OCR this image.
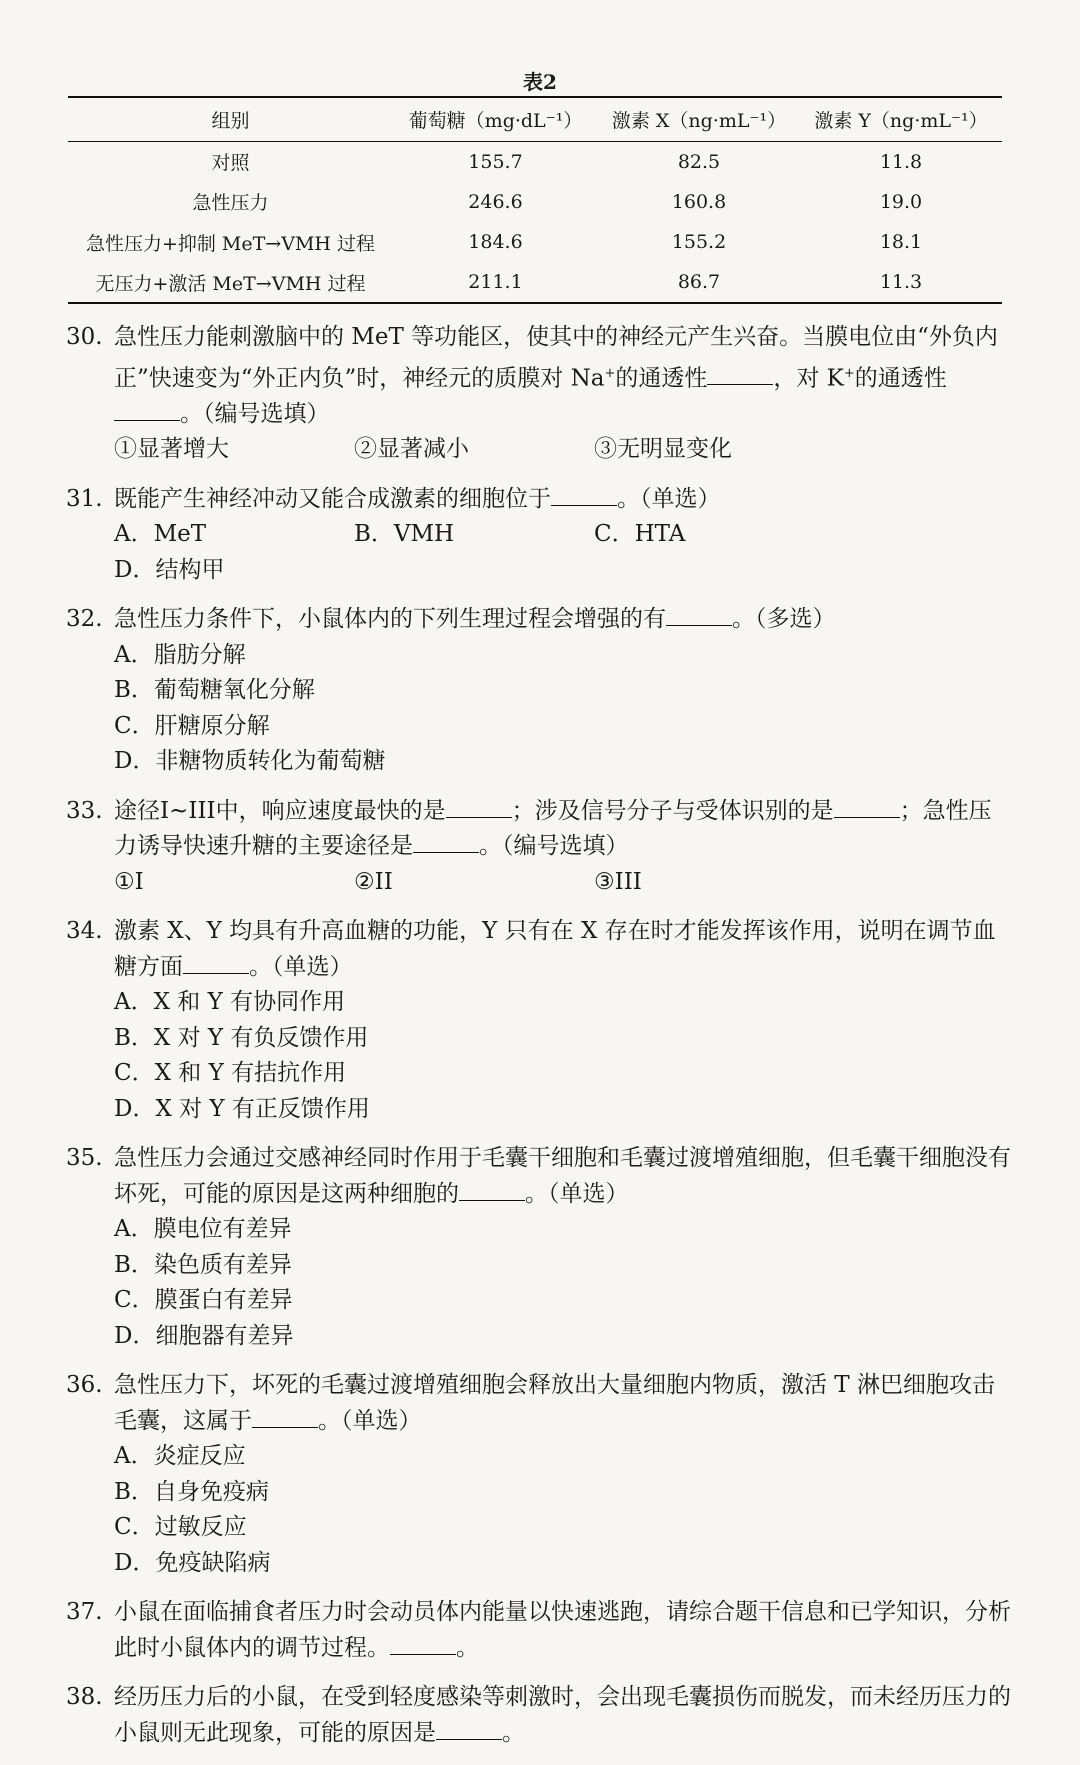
表2
组别	葡萄糖（mg·dL⁻¹）	激素 X（ng·mL⁻¹）	激素 Y（ng·mL⁻¹）
对照	155.7	82.5	11.8
急性压力	246.6	160.8	19.0
急性压力+抑制 MeT→VMH 过程	184.6	155.2	18.1
无压力+激活 MeT→VMH 过程	211.1	86.7	11.3
30. 急性压力能刺激脑中的 MeT 等功能区，使其中的神经元产生兴奋。当膜电位由“外负内正”快速变为“外正内负”时，神经元的质膜对 Na+的通透性	，对 K+的通透性。（编号选填）
①显著增大	②显著减小	③无明显变化
31. 既能产生神经冲动又能合成激素的细胞位于	。（单选）
A．MeT	B．VMH	C．HTA
D．结构甲
32. 急性压力条件下，小鼠体内的下列生理过程会增强的有	。（多选）
A．脂肪分解
B．葡萄糖氧化分解
C．肝糖原分解
D．非糖物质转化为葡萄糖
33. 途径I~III中，响应速度最快的是	；涉及信号分子与受体识别的是	；急性压力诱导快速升糖的主要途径是	。（编号选填）
①I	②II	③III
34. 激素 X、Y 均具有升高血糖的功能，Y 只有在 X 存在时才能发挥该作用，说明在调节血糖方面	。（单选）
A．X 和 Y 有协同作用
B．X 对 Y 有负反馈作用
C．X 和 Y 有拮抗作用
D．X 对 Y 有正反馈作用
35. 急性压力会通过交感神经同时作用于毛囊干细胞和毛囊过渡增殖细胞，但毛囊干细胞没有坏死，可能的原因是这两种细胞的	。（单选）
A．膜电位有差异
B．染色质有差异
C．膜蛋白有差异
D．细胞器有差异
36. 急性压力下，坏死的毛囊过渡增殖细胞会释放出大量细胞内物质，激活 T 淋巴细胞攻击毛囊，这属于	。（单选）
A．炎症反应
B．自身免疫病
C．过敏反应
D．免疫缺陷病
37. 小鼠在面临捕食者压力时会动员体内能量以快速逃跑，请综合题干信息和已学知识，分析此时小鼠体内的调节过程。	。
38. 经历压力后的小鼠，在受到轻度感染等刺激时，会出现毛囊损伤而脱发，而未经历压力的小鼠则无此现象，可能的原因是	。
